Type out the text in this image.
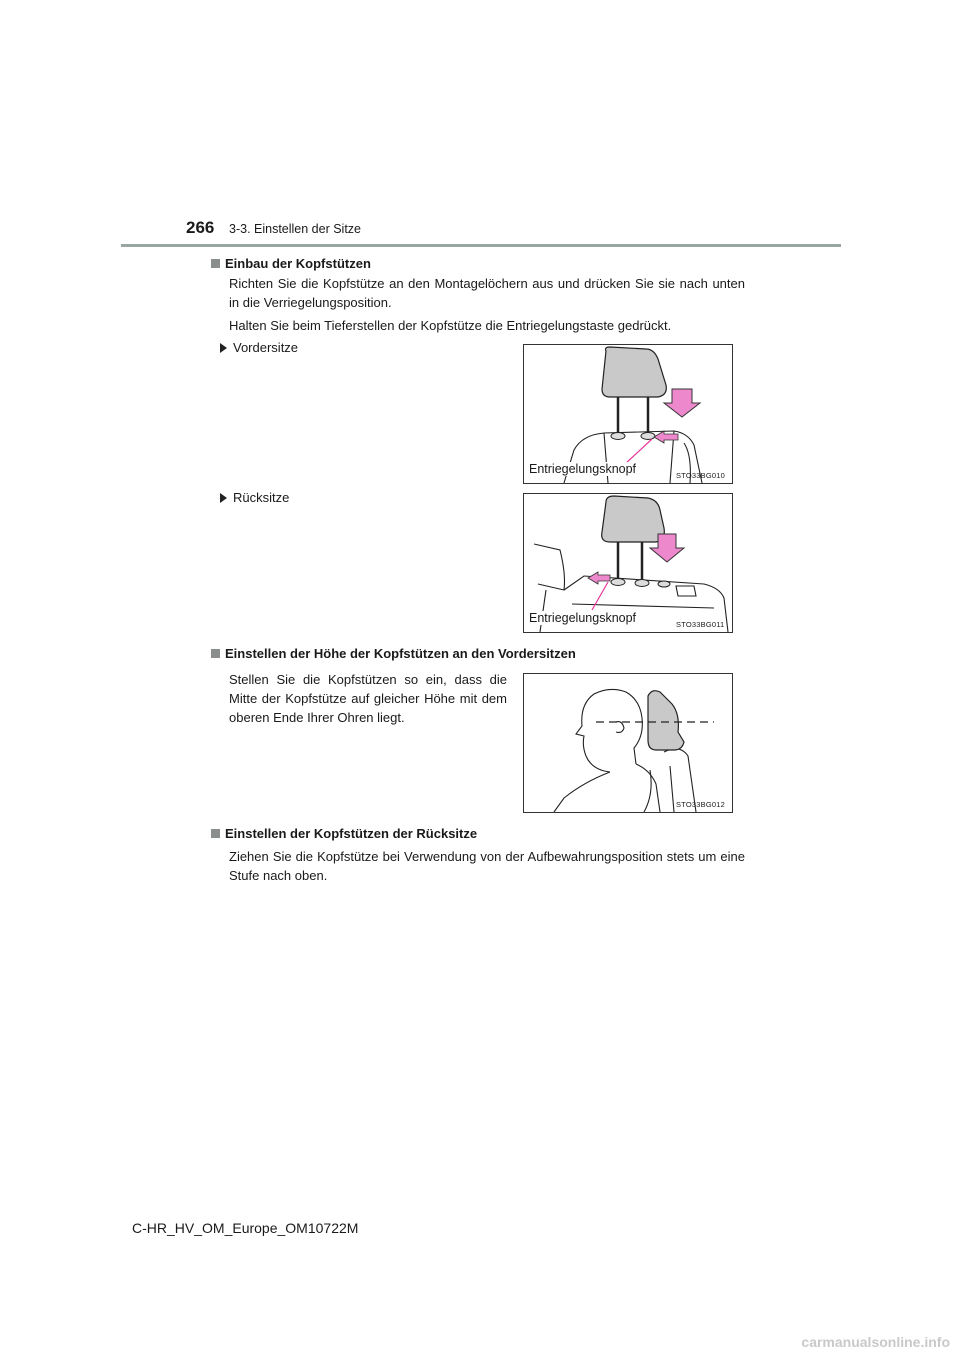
266 3-3. Einstellen der Sitze
Einbau der Kopfstützen
Richten Sie die Kopfstütze an den Montagelöchern aus und drücken Sie sie nach unten in die Verriegelungsposition.
Halten Sie beim Tieferstellen der Kopfstütze die Entriegelungstaste gedrückt.
Vordersitze
Entriegelungsknopf	STO33BG010
Rücksitze
Entriegelungsknopf	STO33BG011
Einstellen der Höhe der Kopfstützen an den Vordersitzen
Stellen Sie die Kopfstützen so ein, dass die Mitte der Kopfstütze auf gleicher Höhe mit dem oberen Ende Ihrer Ohren liegt.
STO33BG012
Einstellen der Kopfstützen der Rücksitze
Ziehen Sie die Kopfstütze bei Verwendung von der Aufbewahrungsposition stets um eine Stufe nach oben.
C-HR_HV_OM_Europe_OM10722M
carmanualsonline.info
